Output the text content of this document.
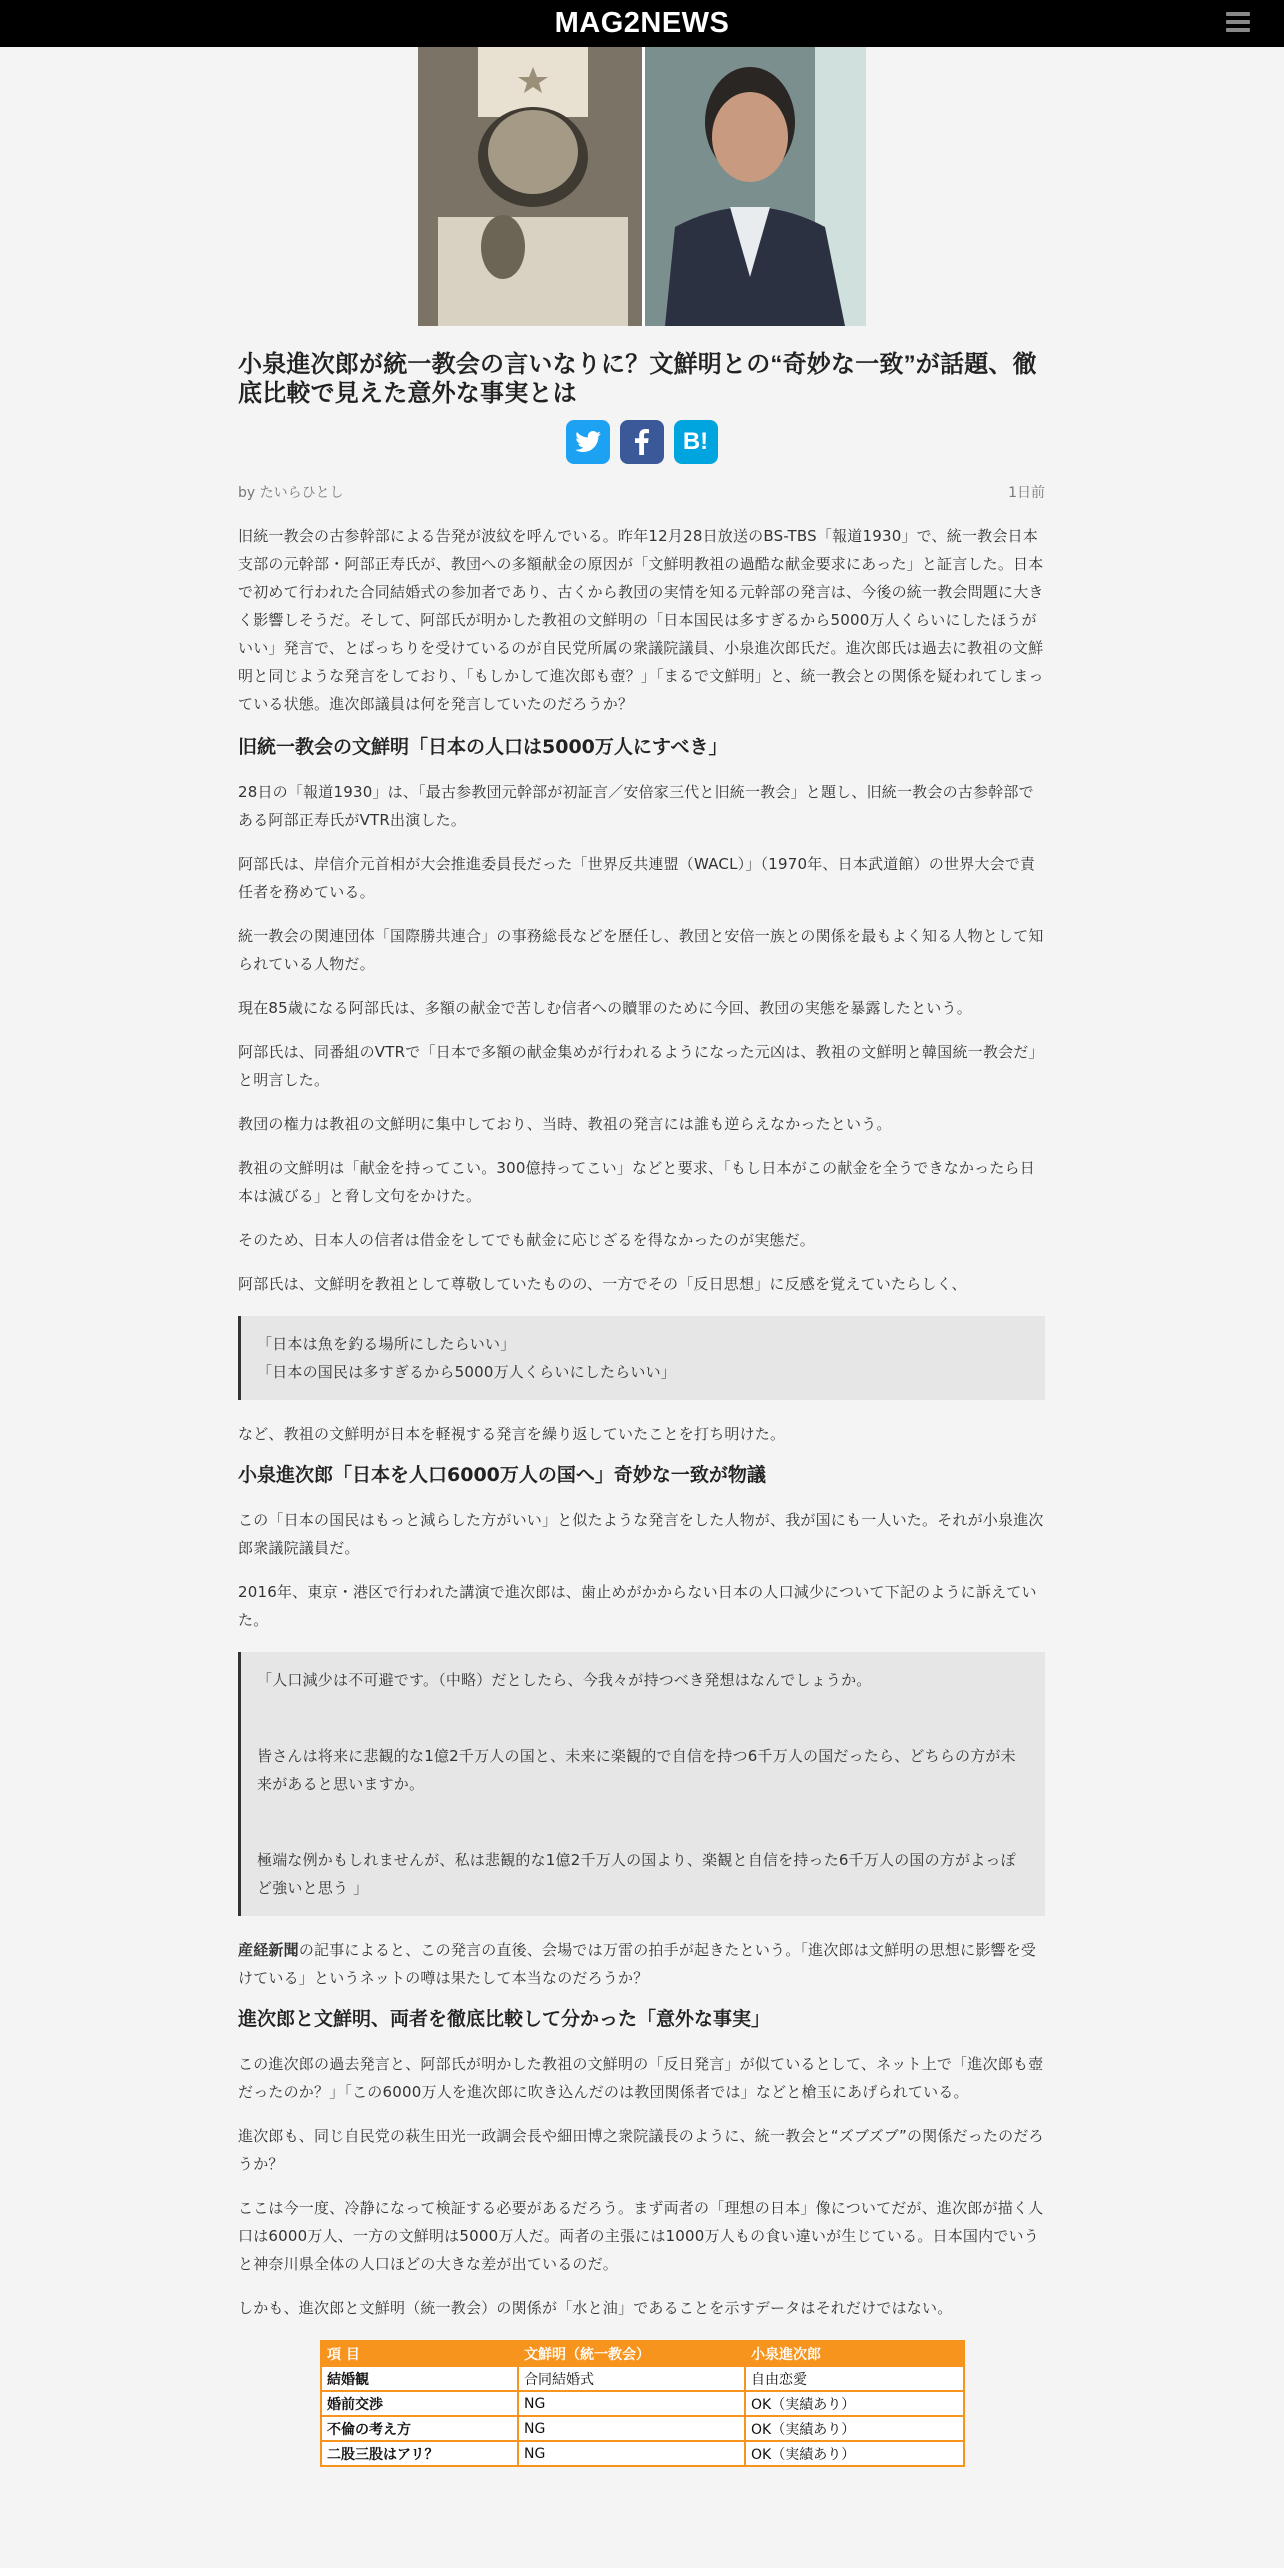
MAG2NEWS
小泉進次郎が統一教会の言いなりに？文鮮明との“奇妙な一致”が話題、徹底比較で見えた意外な事実とは
B!
by たいらひとし	1日前

旧統一教会の古参幹部による告発が波紋を呼んでいる。昨年12月28日放送のBS-TBS「報道1930」で、統一教会日本支部の元幹部・阿部正寿氏が、教団への多額献金の原因が「文鮮明教祖の過酷な献金要求にあった」と証言した。日本で初めて行われた合同結婚式の参加者であり、古くから教団の実情を知る元幹部の発言は、今後の統一教会問題に大きく影響しそうだ。そして、阿部氏が明かした教祖の文鮮明の「日本国民は多すぎるから5000万人くらいにしたほうがいい」発言で、とばっちりを受けているのが自民党所属の衆議院議員、小泉進次郎氏だ。進次郎氏は過去に教祖の文鮮明と同じような発言をしており、「もしかして進次郎も壺？」「まるで文鮮明」と、統一教会との関係を疑われてしまっている状態。進次郎議員は何を発言していたのだろうか？

旧統一教会の文鮮明「日本の人口は5000万人にすべき」

28日の「報道1930」は、「最古参教団元幹部が初証言／安倍家三代と旧統一教会」と題し、旧統一教会の古参幹部である阿部正寿氏がVTR出演した。

阿部氏は、岸信介元首相が大会推進委員長だった「世界反共連盟（WACL）」（1970年、日本武道館）の世界大会で責任者を務めている。

統一教会の関連団体「国際勝共連合」の事務総長などを歴任し、教団と安倍一族との関係を最もよく知る人物として知られている人物だ。

現在85歳になる阿部氏は、多額の献金で苦しむ信者への贖罪のために今回、教団の実態を暴露したという。

阿部氏は、同番組のVTRで「日本で多額の献金集めが行われるようになった元凶は、教祖の文鮮明と韓国統一教会だ」と明言した。

教団の権力は教祖の文鮮明に集中しており、当時、教祖の発言には誰も逆らえなかったという。

教祖の文鮮明は「献金を持ってこい。300億持ってこい」などと要求、「もし日本がこの献金を全うできなかったら日本は滅びる」と脅し文句をかけた。

そのため、日本人の信者は借金をしてでも献金に応じざるを得なかったのが実態だ。

阿部氏は、文鮮明を教祖として尊敬していたものの、一方でその「反日思想」に反感を覚えていたらしく、

「日本は魚を釣る場所にしたらいい」

「日本の国民は多すぎるから5000万人くらいにしたらいい」

など、教祖の文鮮明が日本を軽視する発言を繰り返していたことを打ち明けた。

小泉進次郎「日本を人口6000万人の国へ」奇妙な一致が物議

この「日本の国民はもっと減らした方がいい」と似たような発言をした人物が、我が国にも一人いた。それが小泉進次郎衆議院議員だ。

2016年、東京・港区で行われた講演で進次郎は、歯止めがかからない日本の人口減少について下記のように訴えていた。

「人口減少は不可避です。（中略）だとしたら、今我々が持つべき発想はなんでしょうか。

皆さんは将来に悲観的な1億2千万人の国と、未来に楽観的で自信を持つ6千万人の国だったら、どちらの方が未来があると思いますか。

極端な例かもしれませんが、私は悲観的な1億2千万人の国より、楽観と自信を持った6千万人の国の方がよっぽど強いと思う 」

産経新聞の記事によると、この発言の直後、会場では万雷の拍手が起きたという。「進次郎は文鮮明の思想に影響を受けている」というネットの噂は果たして本当なのだろうか？

進次郎と文鮮明、両者を徹底比較して分かった「意外な事実」

この進次郎の過去発言と、阿部氏が明かした教祖の文鮮明の「反日発言」が似ているとして、ネット上で「進次郎も壺だったのか？」「この6000万人を進次郎に吹き込んだのは教団関係者では」などと槍玉にあげられている。

進次郎も、同じ自民党の萩生田光一政調会長や細田博之衆院議長のように、統一教会と“ズブズブ”の関係だったのだろうか？

ここは今一度、冷静になって検証する必要があるだろう。まず両者の「理想の日本」像についてだが、進次郎が描く人口は6000万人、一方の文鮮明は5000万人だ。両者の主張には1000万人もの食い違いが生じている。日本国内でいうと神奈川県全体の人口ほどの大きな差が出ているのだ。

しかも、進次郎と文鮮明（統一教会）の関係が「水と油」であることを示すデータはそれだけではない。

項 目	文鮮明（統一教会）	小泉進次郎
結婚観	合同結婚式	自由恋愛
婚前交渉	NG	OK（実績あり）
不倫の考え方	NG	OK（実績あり）
二股三股はアリ？	NG	OK（実績あり）
